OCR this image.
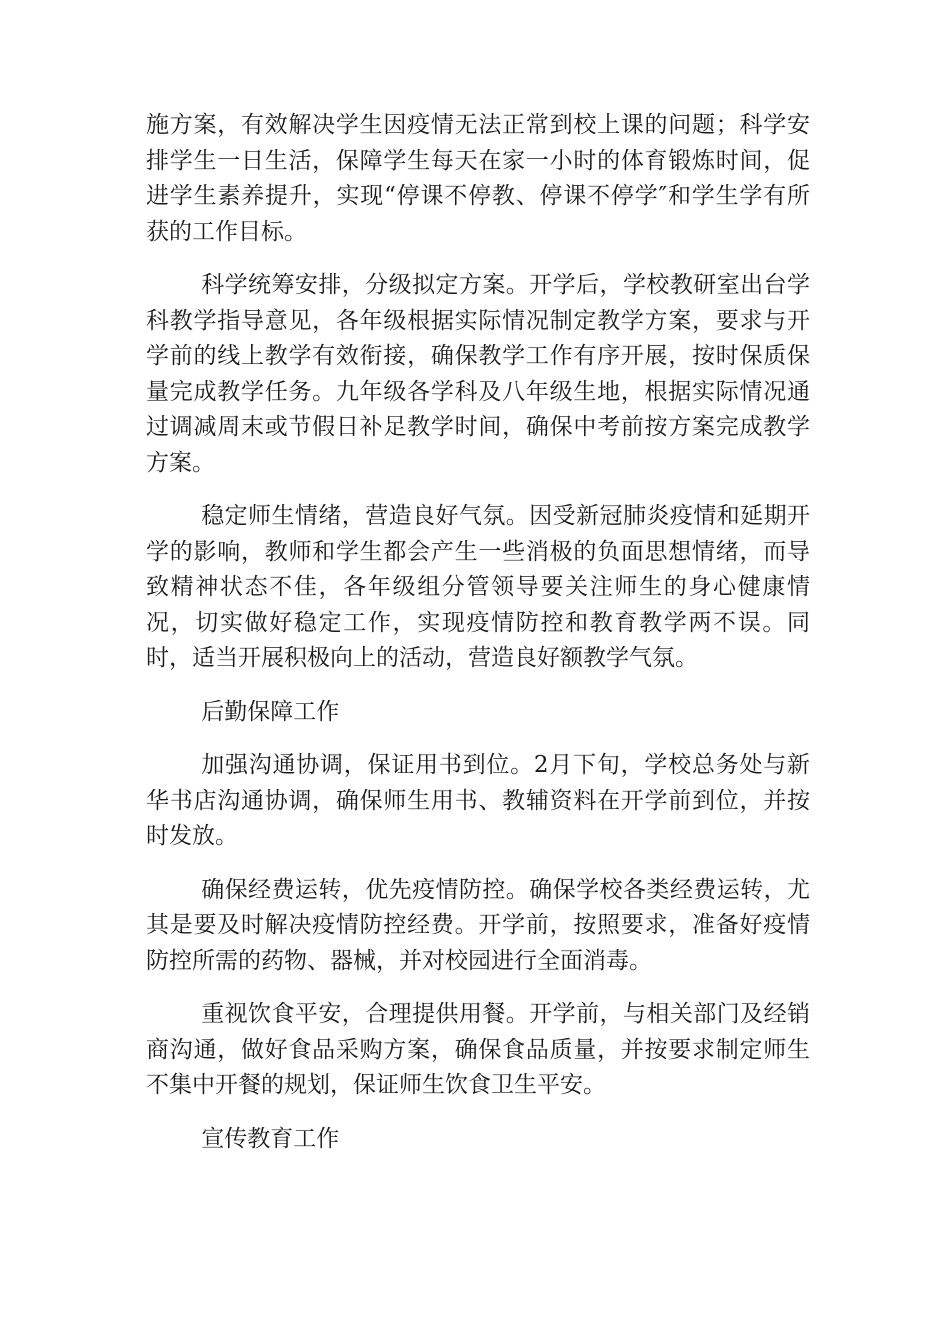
施方案，有效解决学生因疫情无法正常到校上课的问题；科学安排学生一日生活，保障学生每天在家一小时的体育锻炼时间，促进学生素养提升，实现“停课不停教、停课不停学″和学生学有所获的工作目标。

科学统筹安排，分级拟定方案。开学后，学校教研室出台学科教学指导意见，各年级根据实际情况制定教学方案，要求与开学前的线上教学有效衔接，确保教学工作有序开展，按时保质保量完成教学任务。九年级各学科及八年级生地，根据实际情况通过调减周末或节假日补足教学时间，确保中考前按方案完成教学方案。

稳定师生情绪，营造良好气氛。因受新冠肺炎疫情和延期开学的影响，教师和学生都会产生一些消极的负面思想情绪，而导致精神状态不佳，各年级组分管领导要关注师生的身心健康情况，切实做好稳定工作，实现疫情防控和教育教学两不误。同时，适当开展积极向上的活动，营造良好额教学气氛。

后勤保障工作

加强沟通协调，保证用书到位。2月下旬，学校总务处与新华书店沟通协调，确保师生用书、教辅资料在开学前到位，并按时发放。

确保经费运转，优先疫情防控。确保学校各类经费运转，尤其是要及时解决疫情防控经费。开学前，按照要求，准备好疫情防控所需的药物、器械，并对校园进行全面消毒。

重视饮食平安，合理提供用餐。开学前，与相关部门及经销商沟通，做好食品采购方案，确保食品质量，并按要求制定师生不集中开餐的规划，保证师生饮食卫生平安。

宣传教育工作
